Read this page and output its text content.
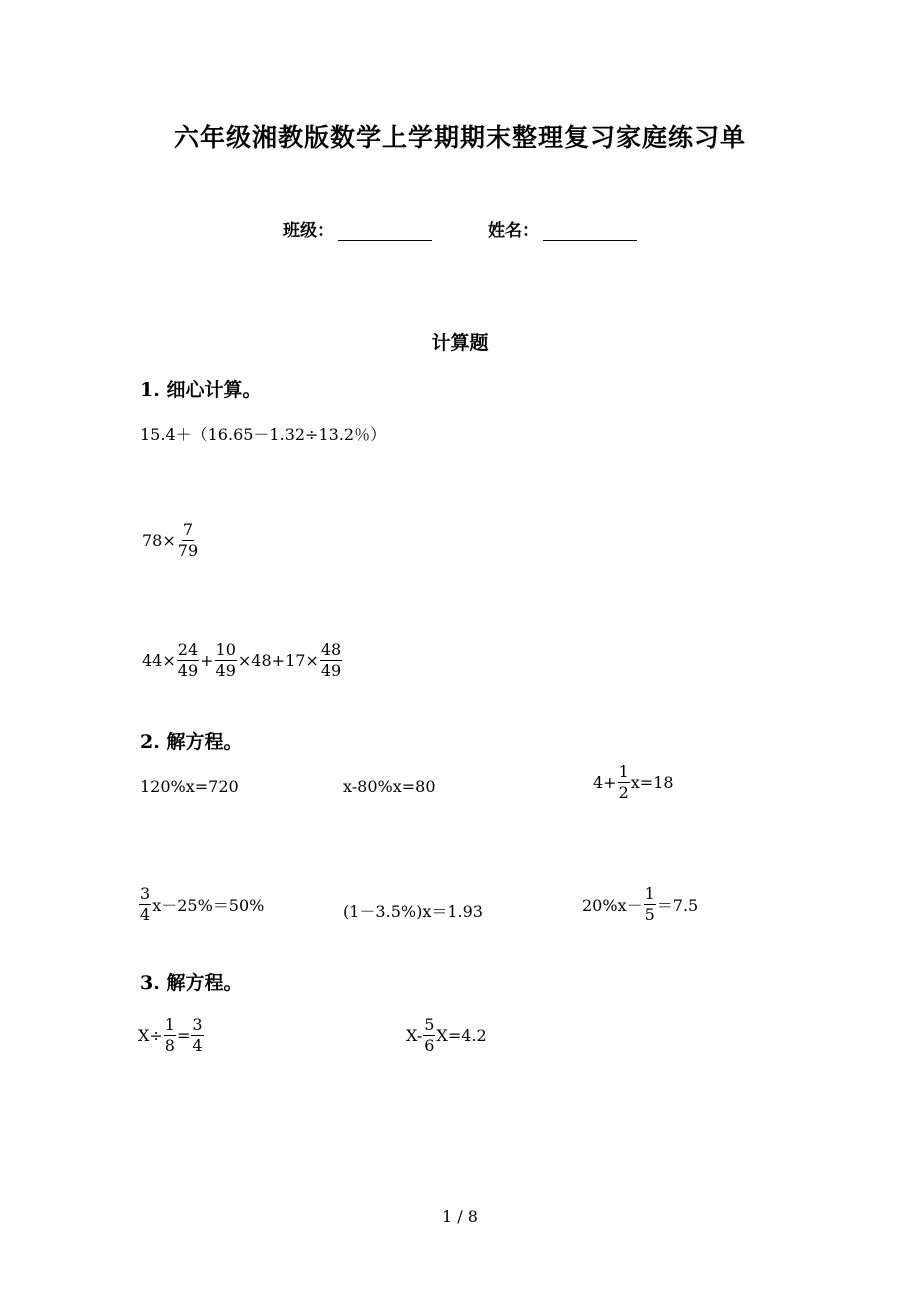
六年级湘教版数学上学期期末整理复习家庭练习单
班级：	姓名：
计算题
1. 细心计算。
15.4＋（16.65－1.32÷13.2％）
$78\times \frac{7}{79}$
$44\times \frac{24}{49} + \frac{10}{49} \times 48+17\times \frac{48}{49}$
2. 解方程。
120%x=720	x-80%x=80	$4+ \frac{1}{2} x=18$
$\frac{3}{4} x-25\%=50\%$	(1－3.5%)x＝1.93	$20\%x- \frac{1}{5} =7.5$
3. 解方程。
$X\div \frac{1}{8} = \frac{3}{4}$	$X- \frac{5}{6} X=4.2$
1 / 8
